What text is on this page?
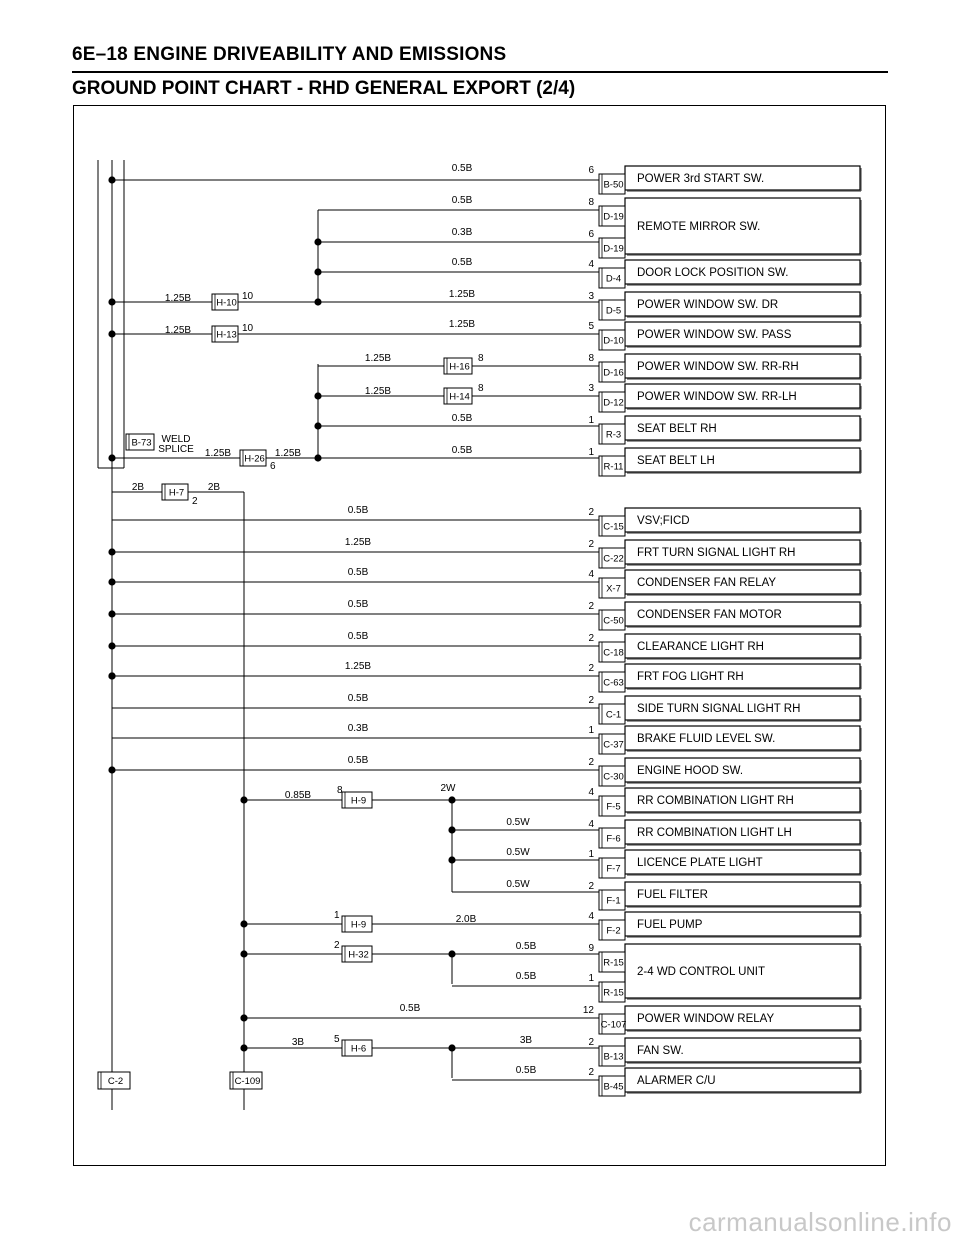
6E–18 ENGINE DRIVEABILITY AND EMISSIONS
GROUND POINT CHART - RHD GENERAL EXPORT (2/4)
POWER 3rd START SW.
REMOTE MIRROR SW.
DOOR LOCK POSITION SW.
POWER WINDOW SW. DR
POWER WINDOW SW. PASS
POWER WINDOW SW. RR-RH
POWER WINDOW SW. RR-LH
SEAT BELT RH
SEAT BELT LH
VSV;FICD
FRT TURN SIGNAL LIGHT RH
CONDENSER FAN RELAY
CONDENSER FAN MOTOR
CLEARANCE LIGHT RH
FRT FOG LIGHT RH
SIDE TURN SIGNAL LIGHT RH
BRAKE FLUID LEVEL SW.
ENGINE HOOD SW.
RR COMBINATION LIGHT RH
RR COMBINATION LIGHT LH
LICENCE PLATE LIGHT
FUEL FILTER
FUEL PUMP
2-4 WD CONTROL UNIT
POWER WINDOW RELAY
FAN SW.
ALARMER C/U
B-50
6
D-19
8
D-19
6
D-4
4
D-5
3
D-10
5
D-16
8
D-12
3
R-3
1
R-11
1
C-15
2
C-22
2
X-7
4
C-50
2
C-18
2
C-63
2
C-1
2
C-37
1
C-30
2
F-5
4
F-6
4
F-7
1
F-1
2
F-2
4
R-15
9
R-15
1
C-107
12
B-13
2
B-45
2
H-10
H-13
H-16
H-14
H-26
H-7
H-9
H-9
H-32
H-6
10
10
8
8
6
2
8
1
2
5
0.5B
0.5B
0.3B
0.5B
1.25B
1.25B
0.5B
0.5B
0.5B
1.25B
0.5B
0.5B
0.5B
1.25B
0.5B
0.3B
0.5B
0.5W
0.5W
0.5W
0.5B
0.5B
0.5B
3B
0.5B
1.25B
1.25B
1.25B
1.25B
1.25B	1.25B
2B	2B
0.85B
2W
2.0B
3B
B-73 WELD
SPLICE
C-2	C-109
carmanualsonline.info
